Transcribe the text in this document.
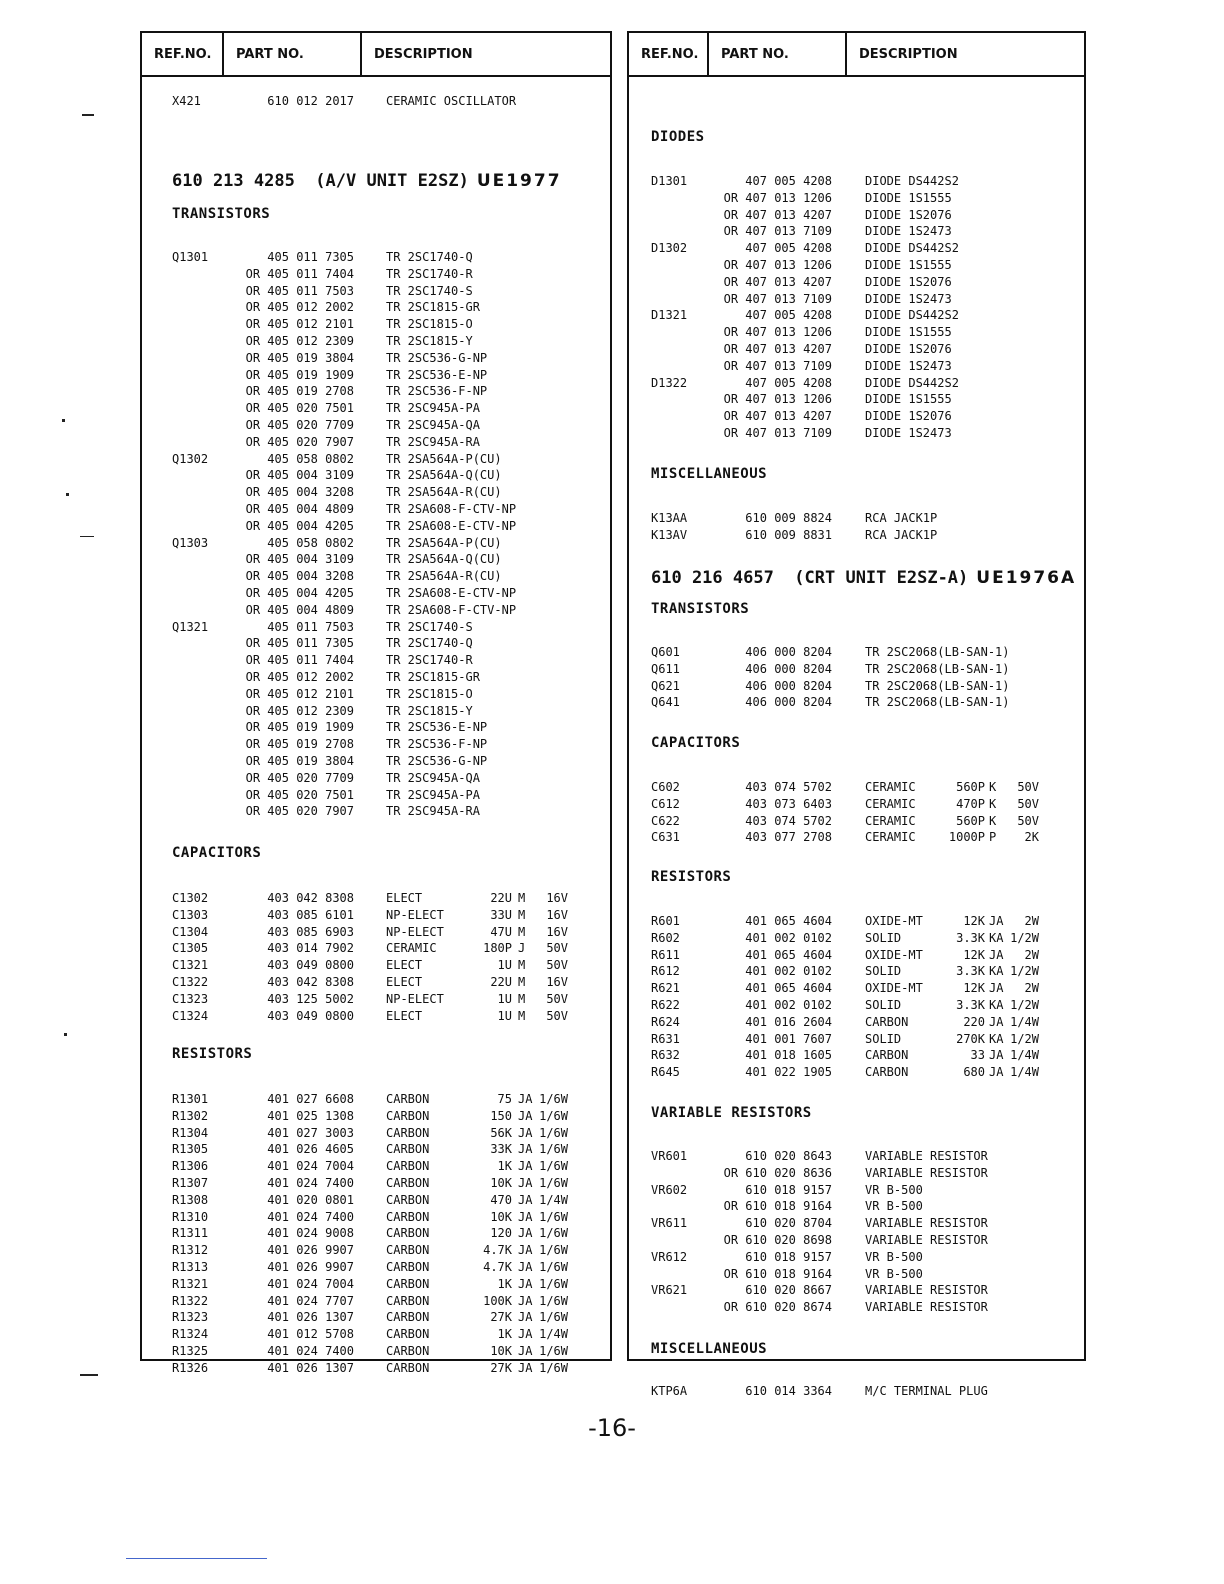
REF.NO.	PART NO.	DESCRIPTION
610 213 4285  (A/V UNIT E2SZ) UE1977
TRANSISTORS
CAPACITORS
RESISTORS
X421	610 012 2017	CERAMIC OSCILLATOR
Q1301	405 011 7305	TR 2SC1740-Q
OR 405 011 7404	TR 2SC1740-R
OR 405 011 7503	TR 2SC1740-S
OR 405 012 2002	TR 2SC1815-GR
OR 405 012 2101	TR 2SC1815-O
OR 405 012 2309	TR 2SC1815-Y
OR 405 019 3804	TR 2SC536-G-NP
OR 405 019 1909	TR 2SC536-E-NP
OR 405 019 2708	TR 2SC536-F-NP
OR 405 020 7501	TR 2SC945A-PA
OR 405 020 7709	TR 2SC945A-QA
OR 405 020 7907	TR 2SC945A-RA
Q1302	405 058 0802	TR 2SA564A-P(CU)
OR 405 004 3109	TR 2SA564A-Q(CU)
OR 405 004 3208	TR 2SA564A-R(CU)
OR 405 004 4809	TR 2SA608-F-CTV-NP
OR 405 004 4205	TR 2SA608-E-CTV-NP
Q1303	405 058 0802	TR 2SA564A-P(CU)
OR 405 004 3109	TR 2SA564A-Q(CU)
OR 405 004 3208	TR 2SA564A-R(CU)
OR 405 004 4205	TR 2SA608-E-CTV-NP
OR 405 004 4809	TR 2SA608-F-CTV-NP
Q1321	405 011 7503	TR 2SC1740-S
OR 405 011 7305	TR 2SC1740-Q
OR 405 011 7404	TR 2SC1740-R
OR 405 012 2002	TR 2SC1815-GR
OR 405 012 2101	TR 2SC1815-O
OR 405 012 2309	TR 2SC1815-Y
OR 405 019 1909	TR 2SC536-E-NP
OR 405 019 2708	TR 2SC536-F-NP
OR 405 019 3804	TR 2SC536-G-NP
OR 405 020 7709	TR 2SC945A-QA
OR 405 020 7501	TR 2SC945A-PA
OR 405 020 7907	TR 2SC945A-RA
C1302	403 042 8308	ELECT	22U M	16V
C1303	403 085 6101	NP-ELECT	33U M	16V
C1304	403 085 6903	NP-ELECT	47U M	16V
C1305	403 014 7902	CERAMIC	180P J	50V
C1321	403 049 0800	ELECT	1U M	50V
C1322	403 042 8308	ELECT	22U M	16V
C1323	403 125 5002	NP-ELECT	1U M	50V
C1324	403 049 0800	ELECT	1U M	50V
R1301	401 027 6608	CARBON	75 JA 1/6W
R1302	401 025 1308	CARBON	150 JA 1/6W
R1304	401 027 3003	CARBON	56K JA 1/6W
R1305	401 026 4605	CARBON	33K JA 1/6W
R1306	401 024 7004	CARBON	1K JA 1/6W
R1307	401 024 7400	CARBON	10K JA 1/6W
R1308	401 020 0801	CARBON	470 JA 1/4W
R1310	401 024 7400	CARBON	10K JA 1/6W
R1311	401 024 9008	CARBON	120 JA 1/6W
R1312	401 026 9907	CARBON	4.7K JA 1/6W
R1313	401 026 9907	CARBON	4.7K JA 1/6W
R1321	401 024 7004	CARBON	1K JA 1/6W
R1322	401 024 7707	CARBON	100K JA 1/6W
R1323	401 026 1307	CARBON	27K JA 1/6W
R1324	401 012 5708	CARBON	1K JA 1/4W
R1325	401 024 7400	CARBON	10K JA 1/6W
R1326	401 026 1307	CARBON	27K JA 1/6W
REF.NO.	PART NO.	DESCRIPTION
DIODES
MISCELLANEOUS
610 216 4657  (CRT UNIT E2SZ-A) UE1976A
TRANSISTORS
CAPACITORS
RESISTORS
VARIABLE RESISTORS
MISCELLANEOUS
D1301	407 005 4208	DIODE DS442S2
OR 407 013 1206	DIODE 1S1555
OR 407 013 4207	DIODE 1S2076
OR 407 013 7109	DIODE 1S2473
D1302	407 005 4208	DIODE DS442S2
OR 407 013 1206	DIODE 1S1555
OR 407 013 4207	DIODE 1S2076
OR 407 013 7109	DIODE 1S2473
D1321	407 005 4208	DIODE DS442S2
OR 407 013 1206	DIODE 1S1555
OR 407 013 4207	DIODE 1S2076
OR 407 013 7109	DIODE 1S2473
D1322	407 005 4208	DIODE DS442S2
OR 407 013 1206	DIODE 1S1555
OR 407 013 4207	DIODE 1S2076
OR 407 013 7109	DIODE 1S2473
K13AA	610 009 8824	RCA JACK1P
K13AV	610 009 8831	RCA JACK1P
Q601	406 000 8204	TR 2SC2068(LB-SAN-1)
Q611	406 000 8204	TR 2SC2068(LB-SAN-1)
Q621	406 000 8204	TR 2SC2068(LB-SAN-1)
Q641	406 000 8204	TR 2SC2068(LB-SAN-1)
C602	403 074 5702	CERAMIC	560P K	50V
C612	403 073 6403	CERAMIC	470P K	50V
C622	403 074 5702	CERAMIC	560P K	50V
C631	403 077 2708	CERAMIC	1000P P	2K
R601	401 065 4604	OXIDE-MT	12K JA	2W
R602	401 002 0102	SOLID	3.3K KA 1/2W
R611	401 065 4604	OXIDE-MT	12K JA	2W
R612	401 002 0102	SOLID	3.3K KA 1/2W
R621	401 065 4604	OXIDE-MT	12K JA	2W
R622	401 002 0102	SOLID	3.3K KA 1/2W
R624	401 016 2604	CARBON	220 JA 1/4W
R631	401 001 7607	SOLID	270K KA 1/2W
R632	401 018 1605	CARBON	33 JA 1/4W
R645	401 022 1905	CARBON	680 JA 1/4W
VR601	610 020 8643	VARIABLE RESISTOR
OR 610 020 8636	VARIABLE RESISTOR
VR602	610 018 9157	VR B-500
OR 610 018 9164	VR B-500
VR611	610 020 8704	VARIABLE RESISTOR
OR 610 020 8698	VARIABLE RESISTOR
VR612	610 018 9157	VR B-500
OR 610 018 9164	VR B-500
VR621	610 020 8667	VARIABLE RESISTOR
OR 610 020 8674	VARIABLE RESISTOR
KTP6A	610 014 3364	M/C TERMINAL PLUG
-16-
